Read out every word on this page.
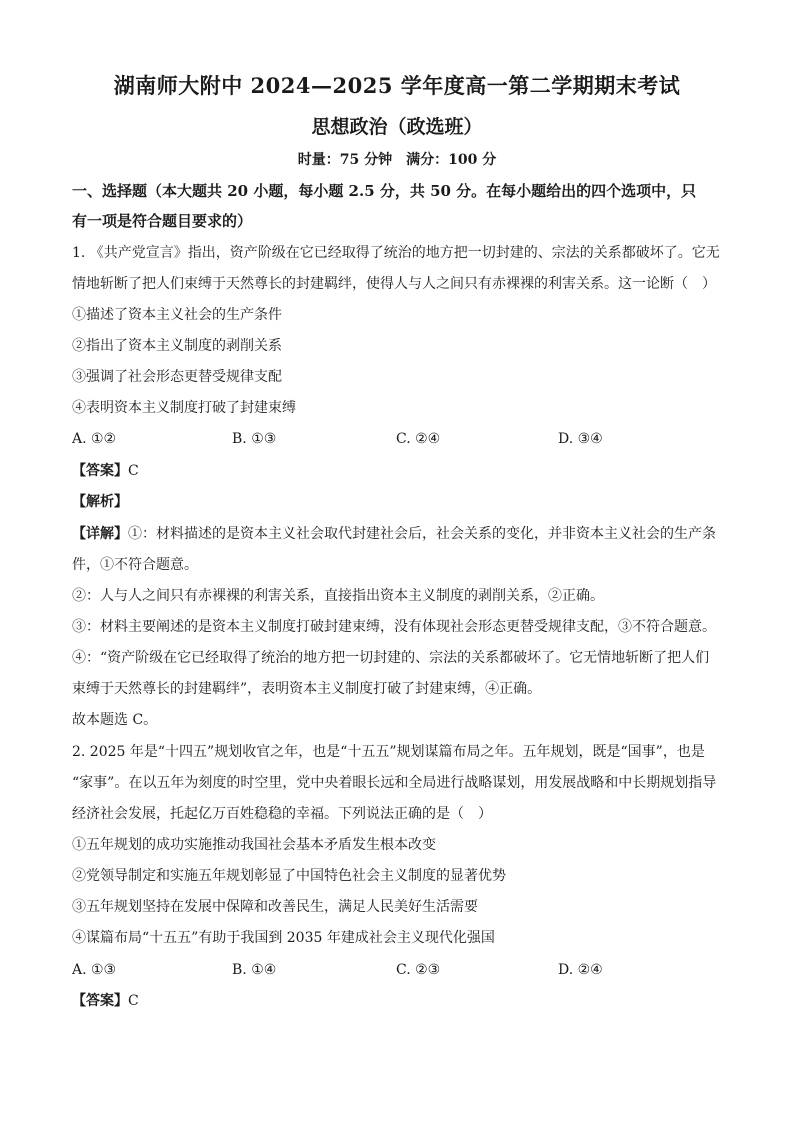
湖南师大附中 2024—2025 学年度高一第二学期期末考试
思想政治（政选班）
时量：75 分钟　满分：100 分
一、选择题（本大题共 20 小题，每小题 2.5 分，共 50 分。在每小题给出的四个选项中，只
有一项是符合题目要求的）
1. 《共产党宣言》指出，资产阶级在它已经取得了统治的地方把一切封建的、宗法的关系都破坏了。它无
情地斩断了把人们束缚于天然尊长的封建羁绊，使得人与人之间只有赤裸裸的利害关系。这一论断（　）
①描述了资本主义社会的生产条件
②指出了资本主义制度的剥削关系
③强调了社会形态更替受规律支配
④表明资本主义制度打破了封建束缚
A. ①②	B. ①③	C. ②④	D. ③④
【答案】C
【解析】
【详解】①：材料描述的是资本主义社会取代封建社会后，社会关系的变化，并非资本主义社会的生产条
件，①不符合题意。
②：人与人之间只有赤裸裸的利害关系，直接指出资本主义制度的剥削关系，②正确。
③：材料主要阐述的是资本主义制度打破封建束缚，没有体现社会形态更替受规律支配，③不符合题意。
④：“资产阶级在它已经取得了统治的地方把一切封建的、宗法的关系都破坏了。它无情地斩断了把人们
束缚于天然尊长的封建羁绊”，表明资本主义制度打破了封建束缚，④正确。
故本题选 C。
2. 2025 年是“十四五”规划收官之年，也是“十五五”规划谋篇布局之年。五年规划，既是“国事”，也是
“家事”。在以五年为刻度的时空里，党中央着眼长远和全局进行战略谋划，用发展战略和中长期规划指导
经济社会发展，托起亿万百姓稳稳的幸福。下列说法正确的是（　）
①五年规划的成功实施推动我国社会基本矛盾发生根本改变
②党领导制定和实施五年规划彰显了中国特色社会主义制度的显著优势
③五年规划坚持在发展中保障和改善民生，满足人民美好生活需要
④谋篇布局“十五五”有助于我国到 2035 年建成社会主义现代化强国
A. ①③	B. ①④	C. ②③	D. ②④
【答案】C
